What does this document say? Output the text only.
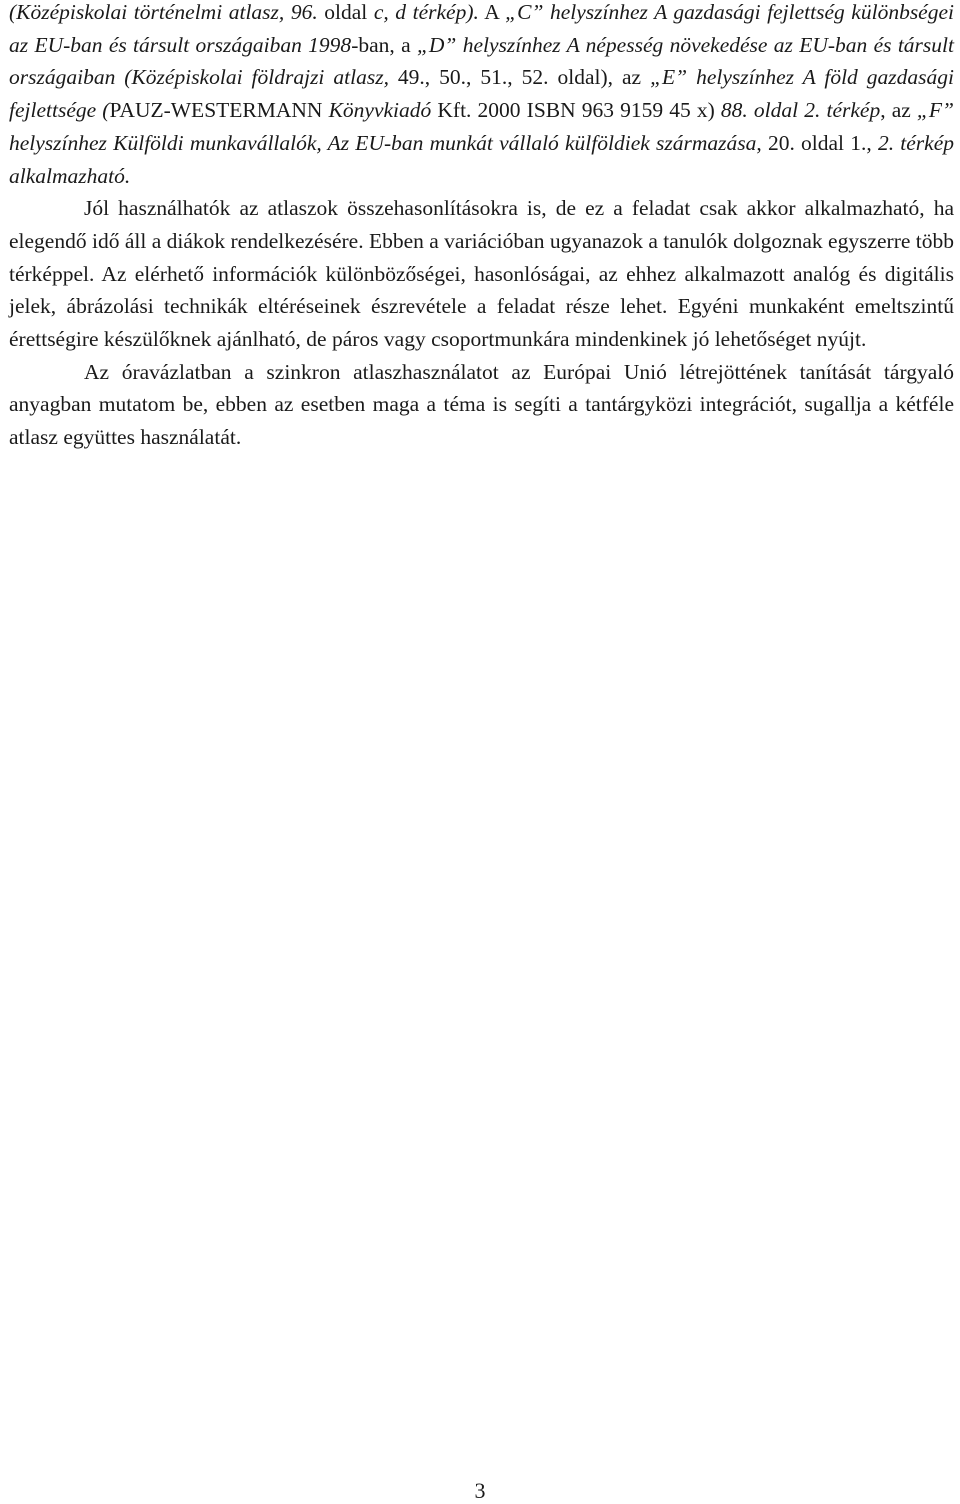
(Középiskolai történelmi atlasz, 96. oldal c, d térkép). A „C” helyszínhez A gazdasági fejlettség különbségei az EU-ban és társult országaiban 1998-ban, a „D” helyszínhez A népesség növekedése az EU-ban és társult országaiban (Középiskolai földrajzi atlasz, 49., 50., 51., 52. oldal), az „E” helyszínhez A föld gazdasági fejlettsége (PAUZ-WESTERMANN Könyvkiadó Kft. 2000 ISBN 963 9159 45 x) 88. oldal 2. térkép, az „F” helyszínhez Külföldi munkavállalók, Az EU-ban munkát vállaló külföldiek származása, 20. oldal 1., 2. térkép alkalmazható.

Jól használhatók az atlaszok összehasonlításokra is, de ez a feladat csak akkor alkalmazható, ha elegendő idő áll a diákok rendelkezésére. Ebben a variációban ugyanazok a tanulók dolgoznak egyszerre több térképpel. Az elérhető információk különbözőségei, hasonlóságai, az ehhez alkalmazott analóg és digitális jelek, ábrázolási technikák eltéréseinek észrevétele a feladat része lehet. Egyéni munkaként emeltszintű érettségire készülőknek ajánlható, de páros vagy csoportmunkára mindenkinek jó lehetőséget nyújt.

Az óravázlatban a szinkron atlaszhasználatot az Európai Unió létrejöttének tanítását tárgyaló anyagban mutatom be, ebben az esetben maga a téma is segíti a tantárgyközi integrációt, sugallja a kétféle atlasz együttes használatát.

3
